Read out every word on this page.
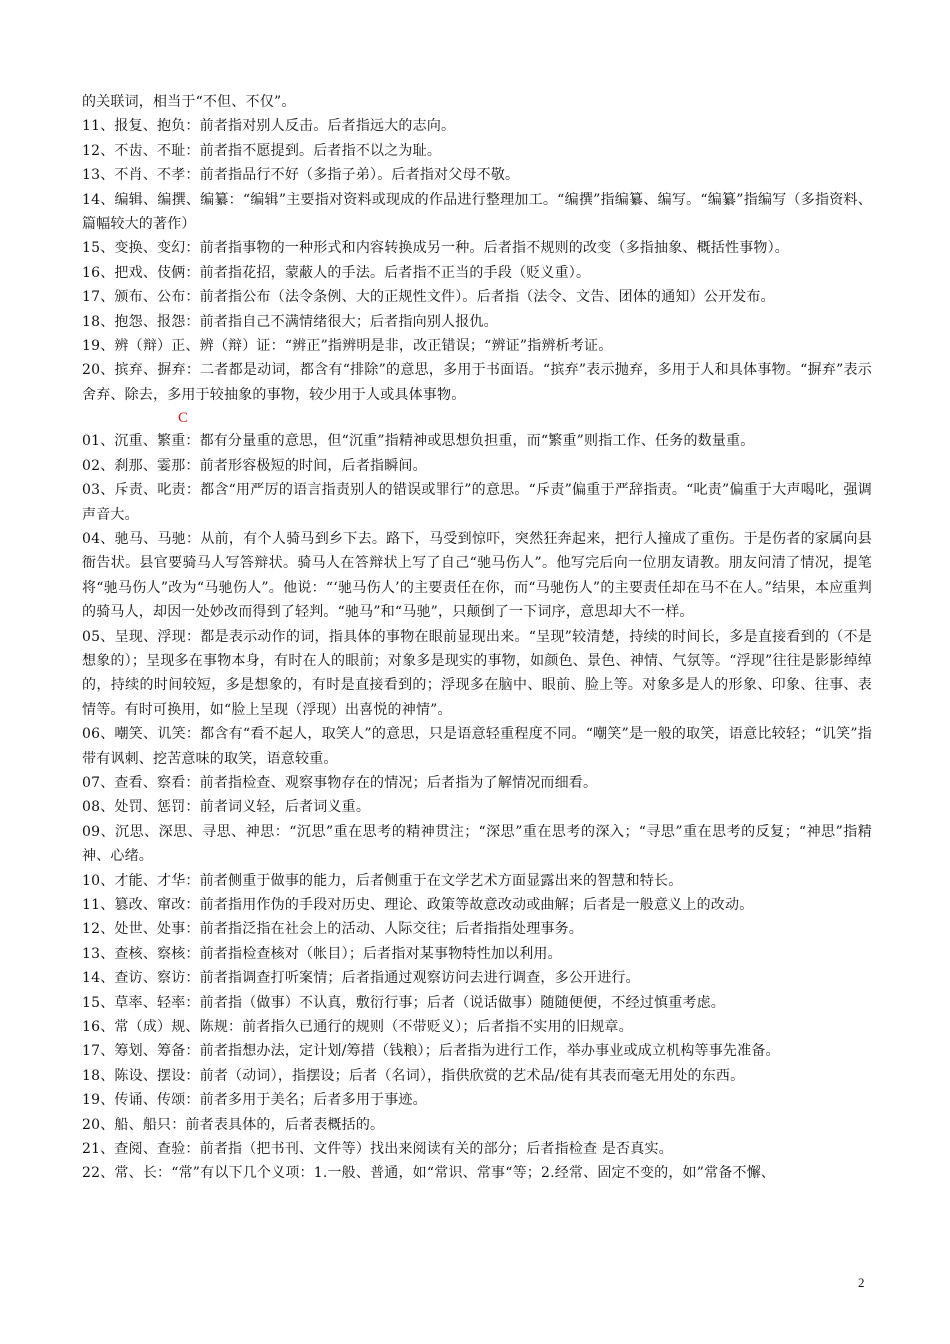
的关联词，相当于“不但、不仅”。

11、报复、抱负：前者指对别人反击。后者指远大的志向。

12、不齿、不耻：前者指不愿提到。后者指不以之为耻。

13、不肖、不孝：前者指品行不好（多指子弟）。后者指对父母不敬。

14、编辑、编撰、编纂：“编辑”主要指对资料或现成的作品进行整理加工。“编撰”指编纂、编写。“编纂”指编写（多指资料、篇幅较大的著作）

15、变换、变幻：前者指事物的一种形式和内容转换成另一种。后者指不规则的改变（多指抽象、概括性事物）。

16、把戏、伎俩：前者指花招，蒙蔽人的手法。后者指不正当的手段（贬义重）。

17、颁布、公布：前者指公布（法令条例、大的正规性文件）。后者指（法令、文告、团体的通知）公开发布。

18、抱怨、报怨：前者指自己不满情绪很大；后者指向别人报仇。

19、辨（辩）正、辨（辩）证：“辨正”指辨明是非，改正错误；“辨证”指辨析考证。

20、摈弃、摒弃：二者都是动词，都含有“排除”的意思，多用于书面语。“摈弃”表示抛弃，多用于人和具体事物。“摒弃”表示舍弃、除去，多用于较抽象的事物，较少用于人或具体事物。

C

01、沉重、繁重：都有分量重的意思，但“沉重”指精神或思想负担重，而“繁重”则指工作、任务的数量重。

02、刹那、霎那：前者形容极短的时间，后者指瞬间。

03、斥责、叱责：都含“用严厉的语言指责别人的错误或罪行”的意思。“斥责”偏重于严辞指责。“叱责”偏重于大声喝叱，强调声音大。

04、驰马、马驰：从前，有个人骑马到乡下去。路下，马受到惊吓，突然狂奔起来，把行人撞成了重伤。于是伤者的家属向县衙告状。县官要骑马人写答辩状。骑马人在答辩状上写了自己“驰马伤人”。他写完后向一位朋友请教。朋友问清了情况，提笔将“驰马伤人”改为“马驰伤人”。他说：“‘驰马伤人’的主要责任在你，而“马驰伤人”的主要责任却在马不在人。”结果，本应重判的骑马人，却因一处妙改而得到了轻判。“驰马”和“马驰”，只颠倒了一下词序，意思却大不一样。

05、呈现、浮现：都是表示动作的词，指具体的事物在眼前显现出来。“呈现”较清楚，持续的时间长，多是直接看到的（不是想象的）；呈现多在事物本身，有时在人的眼前；对象多是现实的事物，如颜色、景色、神情、气氛等。“浮现”往往是影影绰绰的，持续的时间较短，多是想象的，有时是直接看到的；浮现多在脑中、眼前、脸上等。对象多是人的形象、印象、往事、表情等。有时可换用，如“脸上呈现（浮现）出喜悦的神情”。

06、嘲笑、讥笑：都含有“看不起人，取笑人”的意思，只是语意轻重程度不同。“嘲笑”是一般的取笑，语意比较轻；“讥笑”指带有讽刺、挖苦意味的取笑，语意较重。

07、查看、察看：前者指检查、观察事物存在的情况；后者指为了解情况而细看。

08、处罚、惩罚：前者词义轻，后者词义重。

09、沉思、深思、寻思、神思：“沉思”重在思考的精神贯注；“深思”重在思考的深入；“寻思”重在思考的反复；“神思”指精神、心绪。

10、才能、才华：前者侧重于做事的能力，后者侧重于在文学艺术方面显露出来的智慧和特长。

11、篡改、窜改：前者指用作伪的手段对历史、理论、政策等故意改动或曲解；后者是一般意义上的改动。

12、处世、处事：前者指泛指在社会上的活动、人际交往；后者指指处理事务。

13、查核、察核：前者指检查核对（帐目）；后者指对某事物特性加以利用。

14、查访、察访：前者指调查打听案情；后者指通过观察访问去进行调查，多公开进行。

15、草率、轻率：前者指（做事）不认真，敷衍行事；后者（说话做事）随随便便，不经过慎重考虑。

16、常（成）规、陈规：前者指久已通行的规则（不带贬义）；后者指不实用的旧规章。

17、筹划、筹备：前者指想办法，定计划/筹措（钱粮）；后者指为进行工作，举办事业或成立机构等事先准备。

18、陈设、摆设：前者（动词），指摆设；后者（名词），指供欣赏的艺术品/徒有其表而毫无用处的东西。

19、传诵、传颂：前者多用于美名；后者多用于事迹。

20、船、船只：前者表具体的，后者表概括的。

21、查阅、查验：前者指（把书刊、文件等）找出来阅读有关的部分；后者指检查 是否真实。

22、常、长：“常”有以下几个义项：1.一般、普通，如“常识、常事“等；2.经常、固定不变的，如”常备不懈、

2
